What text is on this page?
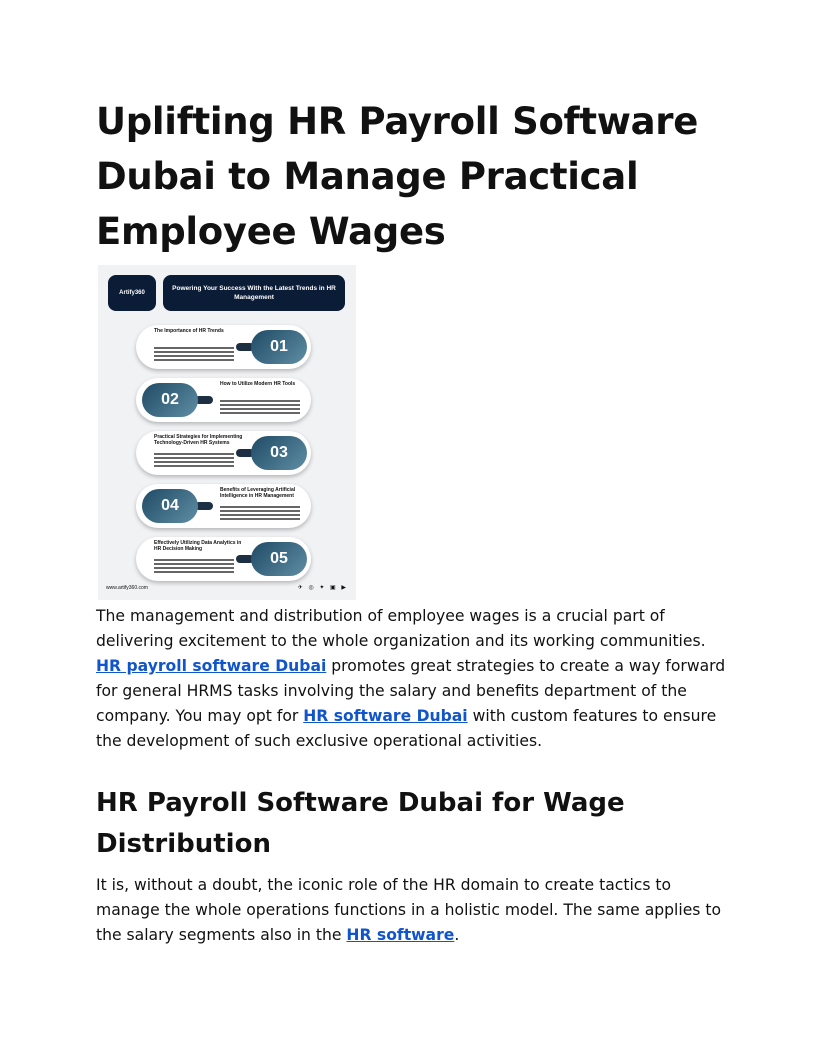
Uplifting HR Payroll Software Dubai to Manage Practical Employee Wages
Artify360
Powering Your Success With the Latest Trends in HR Management
01
The Importance of HR Trends
02
How to Utilize Modern HR Tools
03
Practical Strategies for Implementing Technology-Driven HR Systems
04
Benefits of Leveraging Artificial Intelligence in HR Management
05
Effectively Utilizing Data Analytics in HR Decision Making
www.artify360.com	✈ ◎ ✦ ▣ ▶

The management and distribution of employee wages is a crucial part of delivering excitement to the whole organization and its working communities. HR payroll software Dubai promotes great strategies to create a way forward for general HRMS tasks involving the salary and benefits department of the company. You may opt for HR software Dubai with custom features to ensure the development of such exclusive operational activities.

HR Payroll Software Dubai for Wage Distribution

It is, without a doubt, the iconic role of the HR domain to create tactics to manage the whole operations functions in a holistic model. The same applies to the salary segments also in the HR software.
